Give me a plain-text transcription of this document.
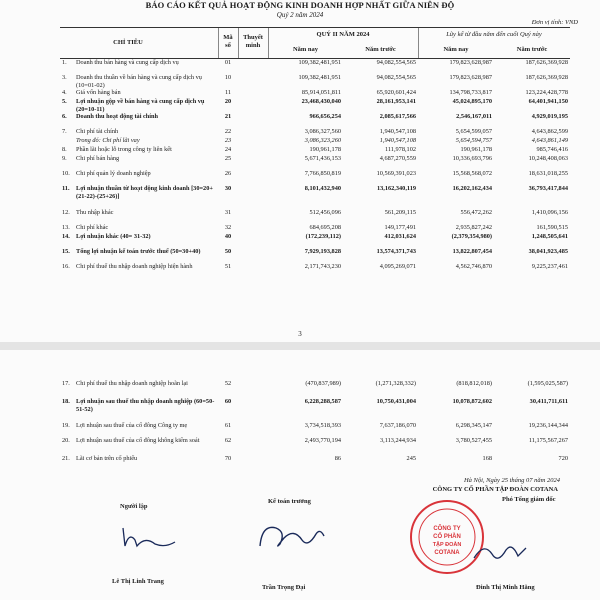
BÁO CÁO KẾT QUẢ HOẠT ĐỘNG KINH DOANH HỢP NHẤT GIỮA NIÊN ĐỘ
Quý 2 năm 2024
Đơn vị tính: VND
CHỈ TIÊU
Mã số
Thuyết minh
QUÝ II NĂM 2024	Lũy kế từ đầu năm đến cuối Quý này
Năm nay	Năm trước	Năm nay	Năm trước
1.	Doanh thu bán hàng và cung cấp dịch vụ	01		109,382,481,951	94,082,554,565	179,823,628,987	187,626,369,928
3.	Doanh thu thuần về bán hàng và cung cấp dịch vụ (10=01-02)	10		109,382,481,951	94,082,554,565	179,823,628,987	187,626,369,928
4.	Giá vốn hàng bán	11		85,914,051,811	65,920,601,424	134,798,733,817	123,224,428,778
5.	Lợi nhuận gộp về bán hàng và cung cấp dịch vụ (20=10-11)	20		23,468,430,040	28,161,953,141	45,024,895,170	64,401,941,150
6.	Doanh thu hoạt động tài chính	21		966,656,254	2,085,617,566	2,546,167,011	4,929,019,195
7.	Chi phí tài chính	22		3,086,327,560	1,940,547,108	5,654,599,057	4,643,862,599
	Trong đó: Chi phí lãi vay	23		3,086,323,260	1,940,547,108	5,654,594,757	4,643,861,149
8.	Phần lãi hoặc lỗ trong công ty liên kết	24		190,961,178	111,978,102	190,961,178	985,746,416
9.	Chi phí bán hàng	25		5,671,436,153	4,687,270,559	10,336,693,796	10,248,408,063
10.	Chi phí quản lý doanh nghiệp	26		7,766,850,819	10,569,391,023	15,568,568,072	18,631,018,255
11.	Lợi nhuận thuần từ hoạt động kinh doanh [30=20+(21-22)-(25+26)]	30		8,101,432,940	13,162,340,119	16,202,162,434	36,793,417,844
12.	Thu nhập khác	31		512,456,096	561,209,115	556,472,262	1,410,096,156
13.	Chi phí khác	32		684,695,208	149,177,491	2,935,827,242	161,590,515
14.	Lợi nhuận khác (40= 31-32)	40		(172,239,112)	412,031,624	(2,379,354,980)	1,248,505,641
15.	Tổng lợi nhuận kế toán trước thuế (50=30+40)	50		7,929,193,828	13,574,371,743	13,822,807,454	38,041,923,485
16.	Chi phí thuế thu nhập doanh nghiệp hiện hành	51		2,171,743,230	4,095,269,071	4,562,746,870	9,225,237,461
3
17.	Chi phí thuế thu nhập doanh nghiệp hoãn lại	52		(470,837,989)	(1,271,328,332)	(818,812,018)	(1,595,025,587)
18.	Lợi nhuận sau thuế thu nhập doanh nghiệp (60=50-51-52)	60		6,228,288,587	10,750,431,004	10,078,872,602	30,411,711,611
19.	Lợi nhuận sau thuế của cổ đông Công ty mẹ	61		3,734,518,393	7,637,186,070	6,298,345,147	19,236,144,344
20.	Lợi nhuận sau thuế của cổ đông không kiểm soát	62		2,493,770,194	3,113,244,934	3,780,527,455	11,175,567,267
21.	Lãi cơ bản trên cổ phiếu	70		86	245	168	720
Hà Nội, Ngày 25 tháng 07 năm 2024
CÔNG TY CỔ PHẦN TẬP ĐOÀN COTANA
Người lập
Kế toán trưởng	Phó Tổng giám đốc
CÔNG TY
CỔ PHẦN
TẬP ĐOÀN
COTANA
Lê Thị Linh Trang
Trần Trọng Đại	Đinh Thị Minh Hằng
